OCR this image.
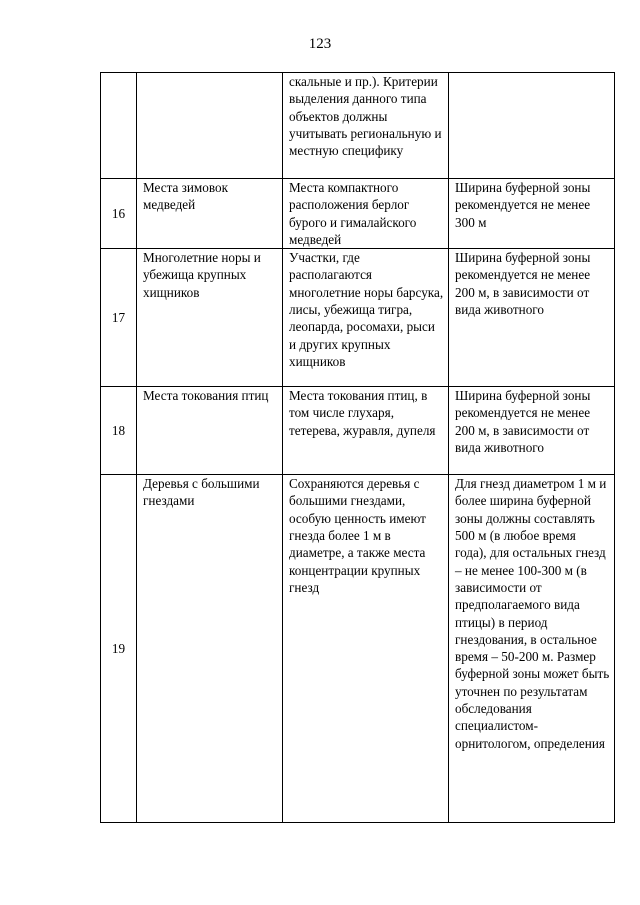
123
		скальные и пр.). Критерии выделения данного типа объектов должны учитывать региональную и местную специфику	
16	Места зимовок медведей	Места компактного расположения берлог бурого и гималайского медведей	Ширина буферной зоны рекомендуется не менее 300 м
17	Многолетние норы и убежища крупных хищников	Участки, где располагаются многолетние норы барсука, лисы, убежища тигра, леопарда, росомахи, рыси и других крупных хищников	Ширина буферной зоны рекомендуется не менее 200 м, в зависимости от вида животного
18	Места токования птиц	Места токования птиц, в том числе глухаря, тетерева, журавля, дупеля	Ширина буферной зоны рекомендуется не менее 200 м, в зависимости от вида животного
19	Деревья с большими гнездами	Сохраняются деревья с большими гнездами, особую ценность имеют гнезда более 1 м в диаметре, а также места концентрации крупных гнезд	Для гнезд диаметром 1 м и более ширина буферной зоны должны составлять 500 м (в любое время года), для остальных гнезд – не менее 100-300 м (в зависимости от предполагаемого вида птицы) в период гнездования, в остальное время – 50-200 м. Размер буферной зоны может быть уточнен по результатам обследования специалистом-орнитологом, определения
